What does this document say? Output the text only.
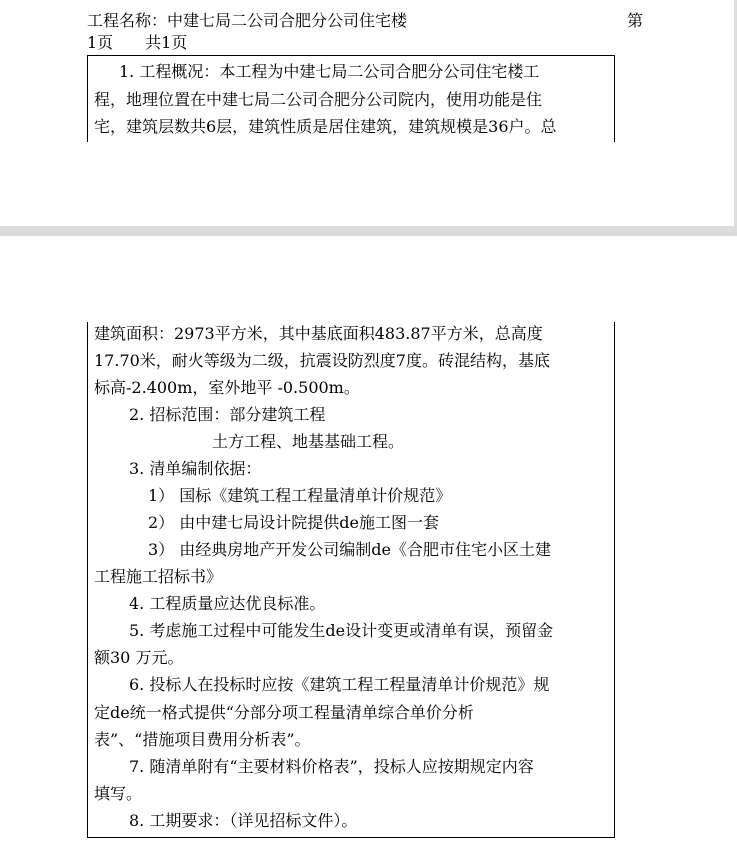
工程名称：中建七局二公司合肥分公司住宅楼	第
1页　　共1页
1. 工程概况：本工程为中建七局二公司合肥分公司住宅楼工
程，地理位置在中建七局二公司合肥分公司院内，使用功能是住
宅，建筑层数共6层，建筑性质是居住建筑，建筑规模是36户。总
建筑面积：2973平方米，其中基底面积483.87平方米，总高度
17.70米，耐火等级为二级，抗震设防烈度7度。砖混结构，基底
标高-2.400m，室外地平 -0.500m。
2. 招标范围：部分建筑工程
土方工程、地基基础工程。
3. 清单编制依据：
1） 国标《建筑工程工程量清单计价规范》
2） 由中建七局设计院提供de施工图一套
3） 由经典房地产开发公司编制de《合肥市住宅小区土建
工程施工招标书》
4. 工程质量应达优良标准。
5. 考虑施工过程中可能发生de设计变更或清单有误，预留金
额30 万元。
6. 投标人在投标时应按《建筑工程工程量清单计价规范》规
定de统一格式提供“分部分项工程量清单综合单价分析
表”、“措施项目费用分析表”。
7. 随清单附有“主要材料价格表”，投标人应按期规定内容
填写。
8. 工期要求：（详见招标文件）。
